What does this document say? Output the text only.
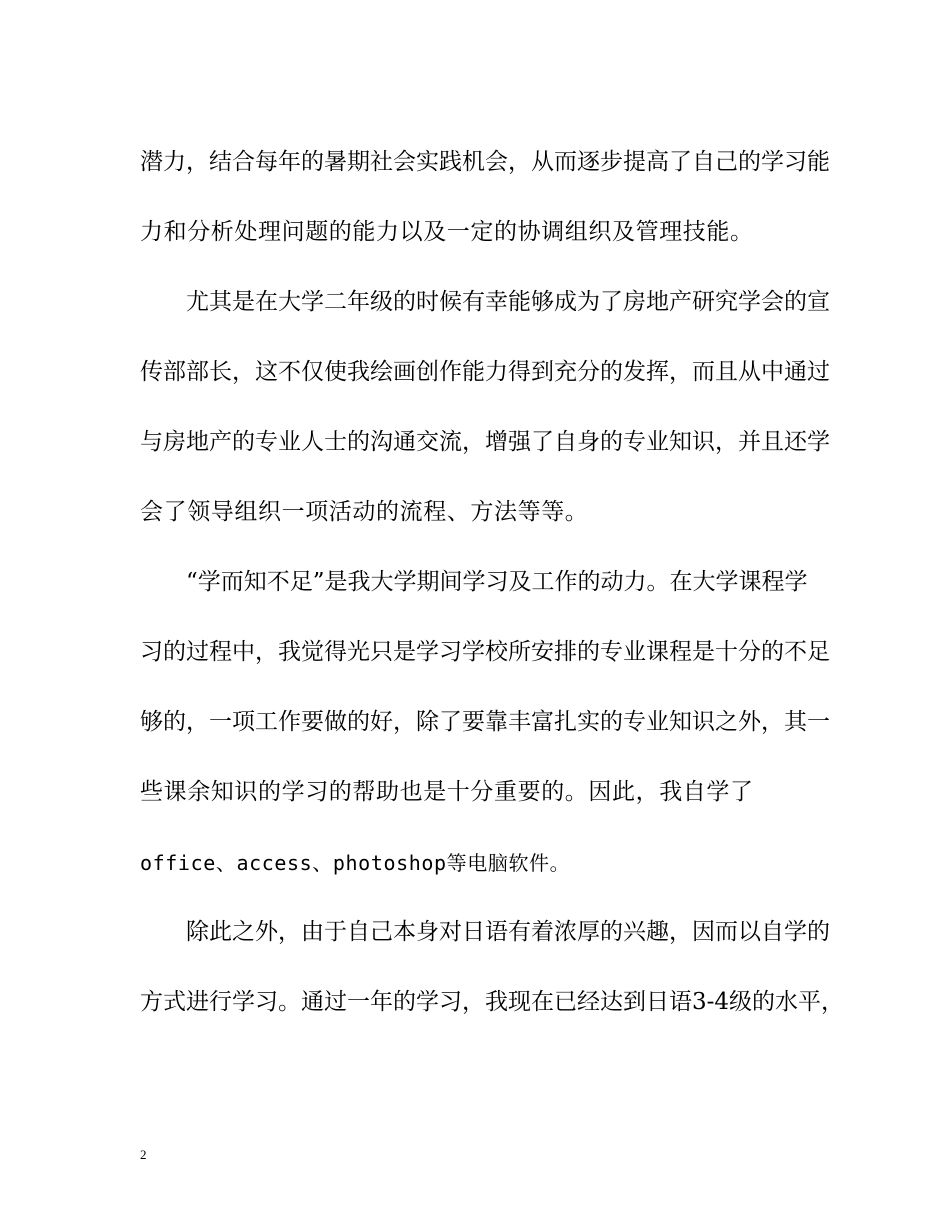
潜力，结合每年的暑期社会实践机会，从而逐步提高了自己的学习能
力和分析处理问题的能力以及一定的协调组织及管理技能。
尤其是在大学二年级的时候有幸能够成为了房地产研究学会的宣
传部部长，这不仅使我绘画创作能力得到充分的发挥，而且从中通过
与房地产的专业人士的沟通交流，增强了自身的专业知识，并且还学
会了领导组织一项活动的流程、方法等等。
“学而知不足”是我大学期间学习及工作的动力。在大学课程学
习的过程中，我觉得光只是学习学校所安排的专业课程是十分的不足
够的，一项工作要做的好，除了要靠丰富扎实的专业知识之外，其一
些课余知识的学习的帮助也是十分重要的。因此，我自学了
office、access、photoshop等电脑软件。
除此之外，由于自己本身对日语有着浓厚的兴趣，因而以自学的
方式进行学习。通过一年的学习，我现在已经达到日语3-4级的水平，
2
